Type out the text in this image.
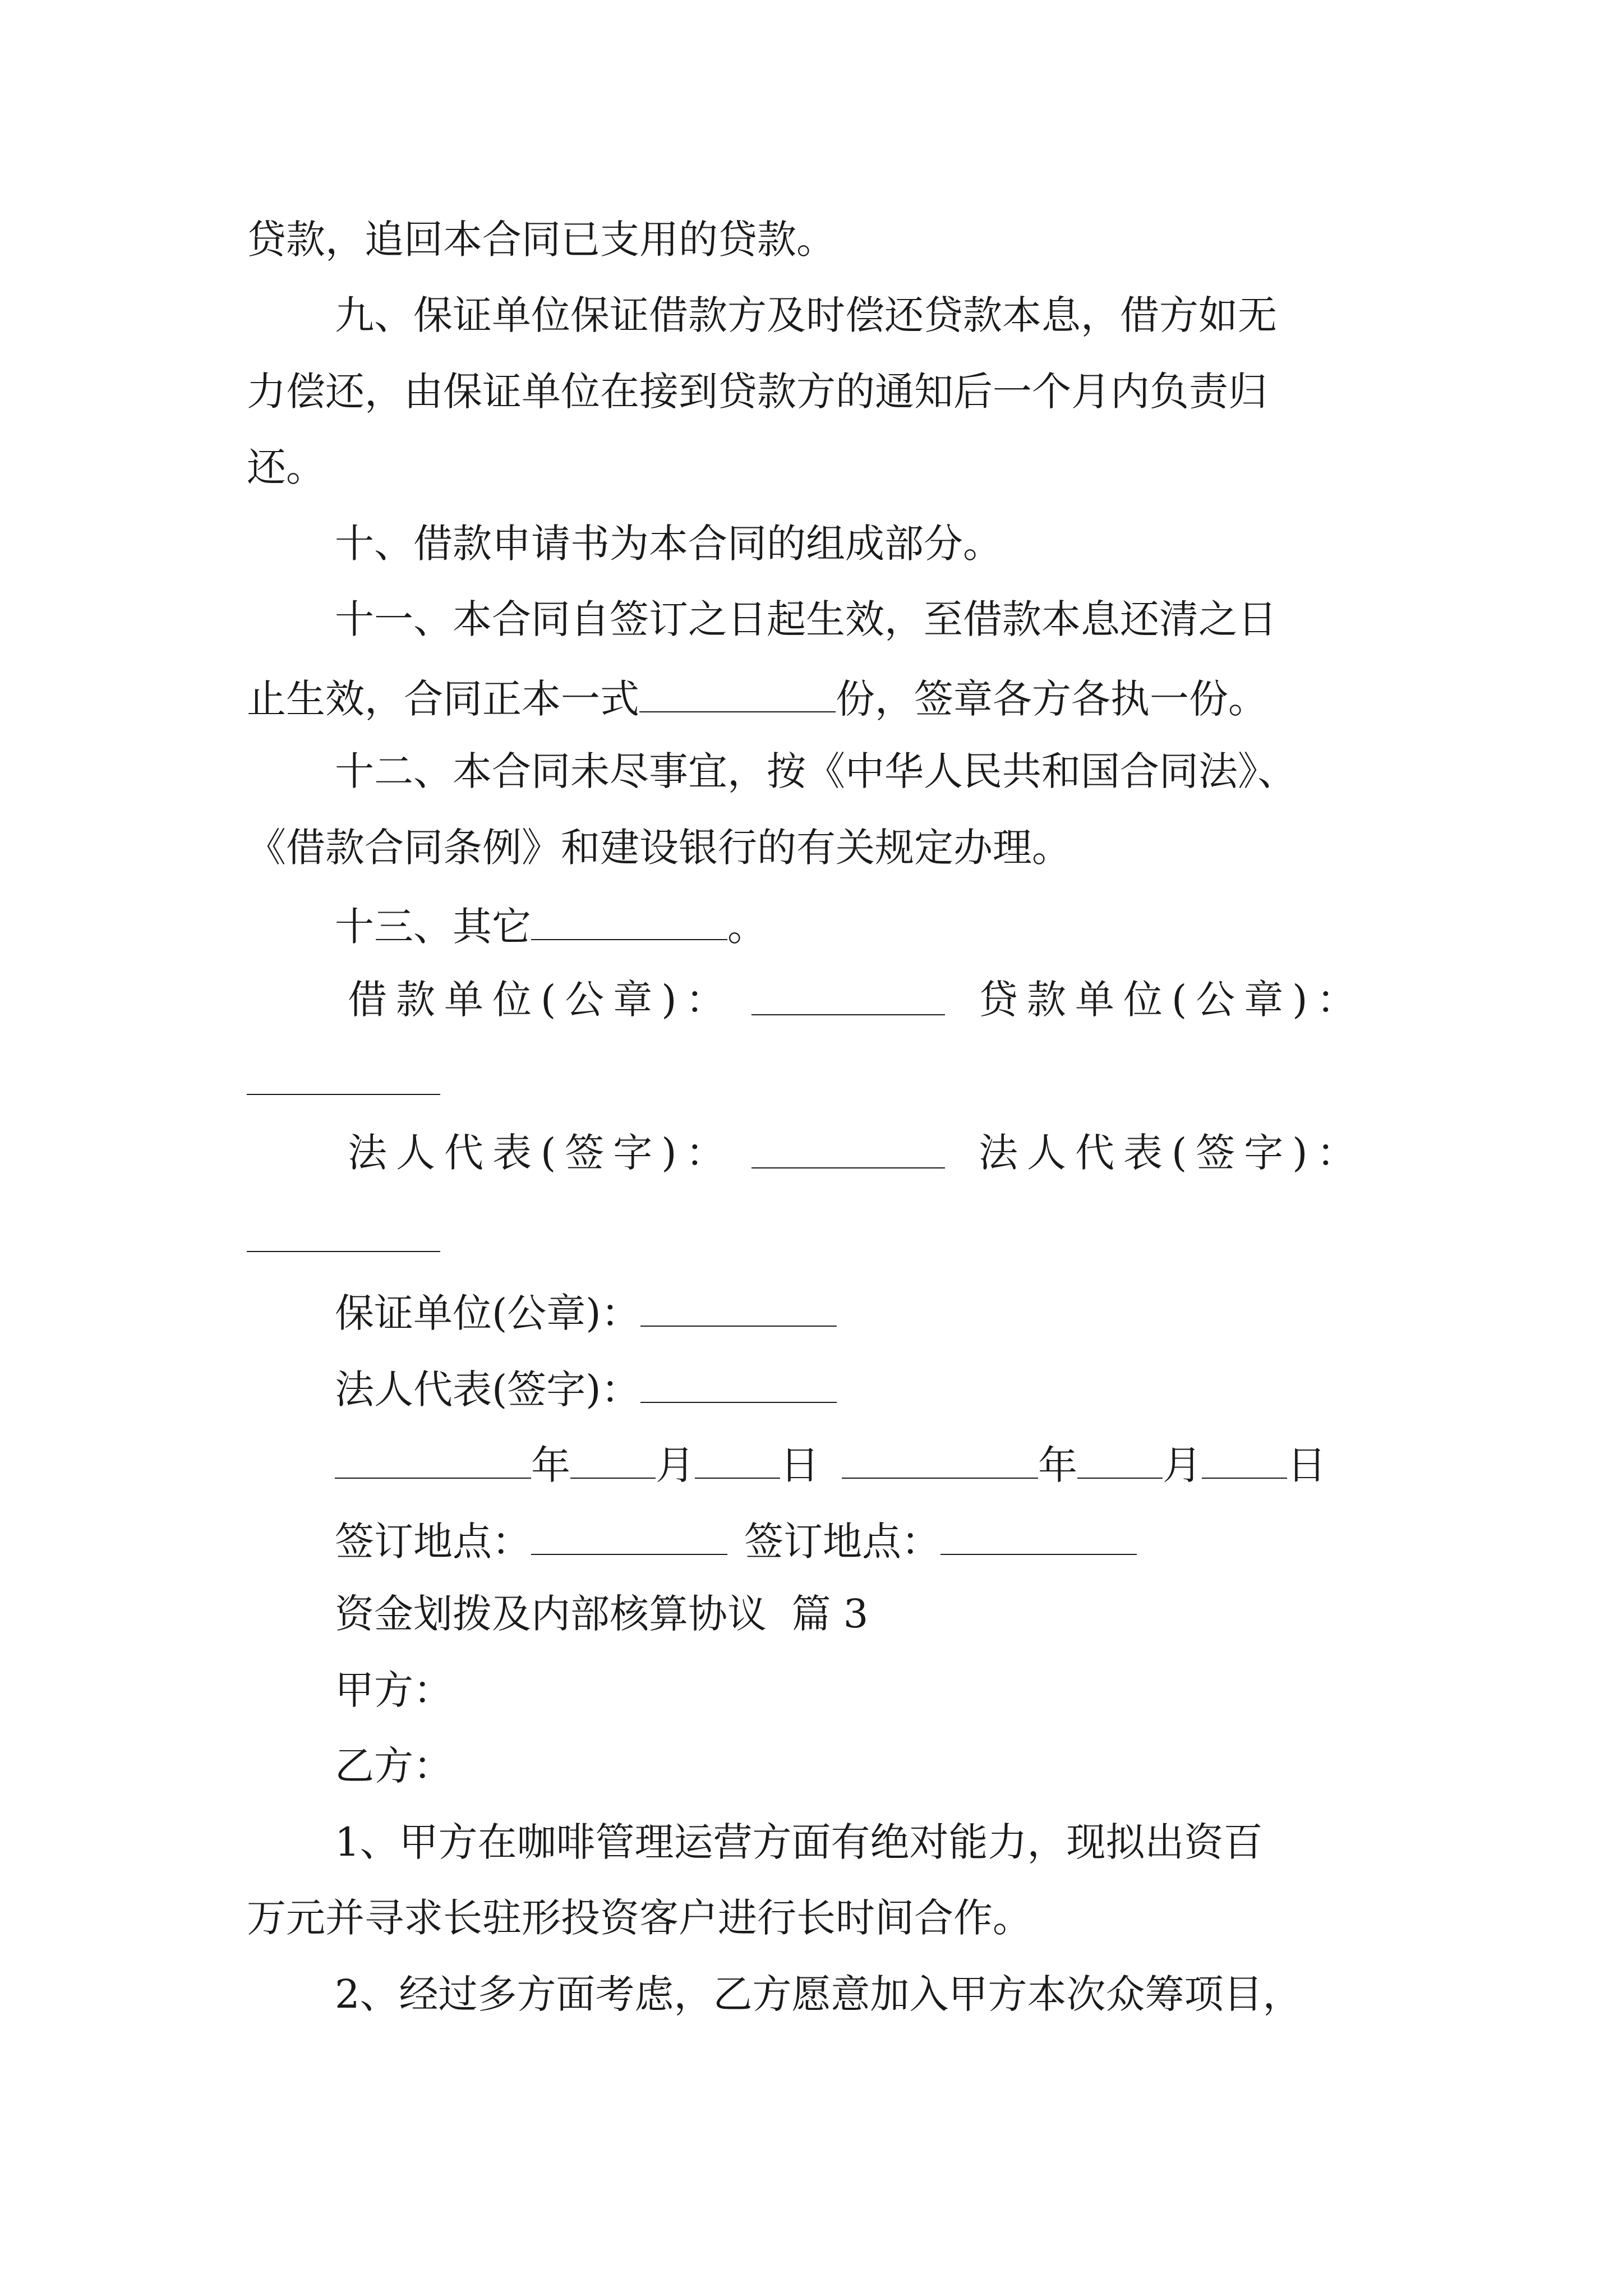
贷款，追回本合同已支用的贷款。

九、保证单位保证借款方及时偿还贷款本息，借方如无

力偿还，由保证单位在接到贷款方的通知后一个月内负责归

还。

十、借款申请书为本合同的组成部分。

十一、本合同自签订之日起生效，至借款本息还清之日

止生效，合同正本一式	份，签章各方各执一份。

十二、本合同未尽事宜，按《中华人民共和国合同法》、

《借款合同条例》和建设银行的有关规定办理。

十三、其它	。

借款单位(公章)：	贷款单位(公章)：

法人代表(签字)：	法人代表(签字)：

保证单位(公章)：

法人代表(签字)：

年 月 日	年 月 日

签订地点：	签订地点：

资金划拨及内部核算协议  篇 3

甲方：

乙方：

1、甲方在咖啡管理运营方面有绝对能力，现拟出资百

万元并寻求长驻形投资客户进行长时间合作。

2、经过多方面考虑，乙方愿意加入甲方本次众筹项目，
